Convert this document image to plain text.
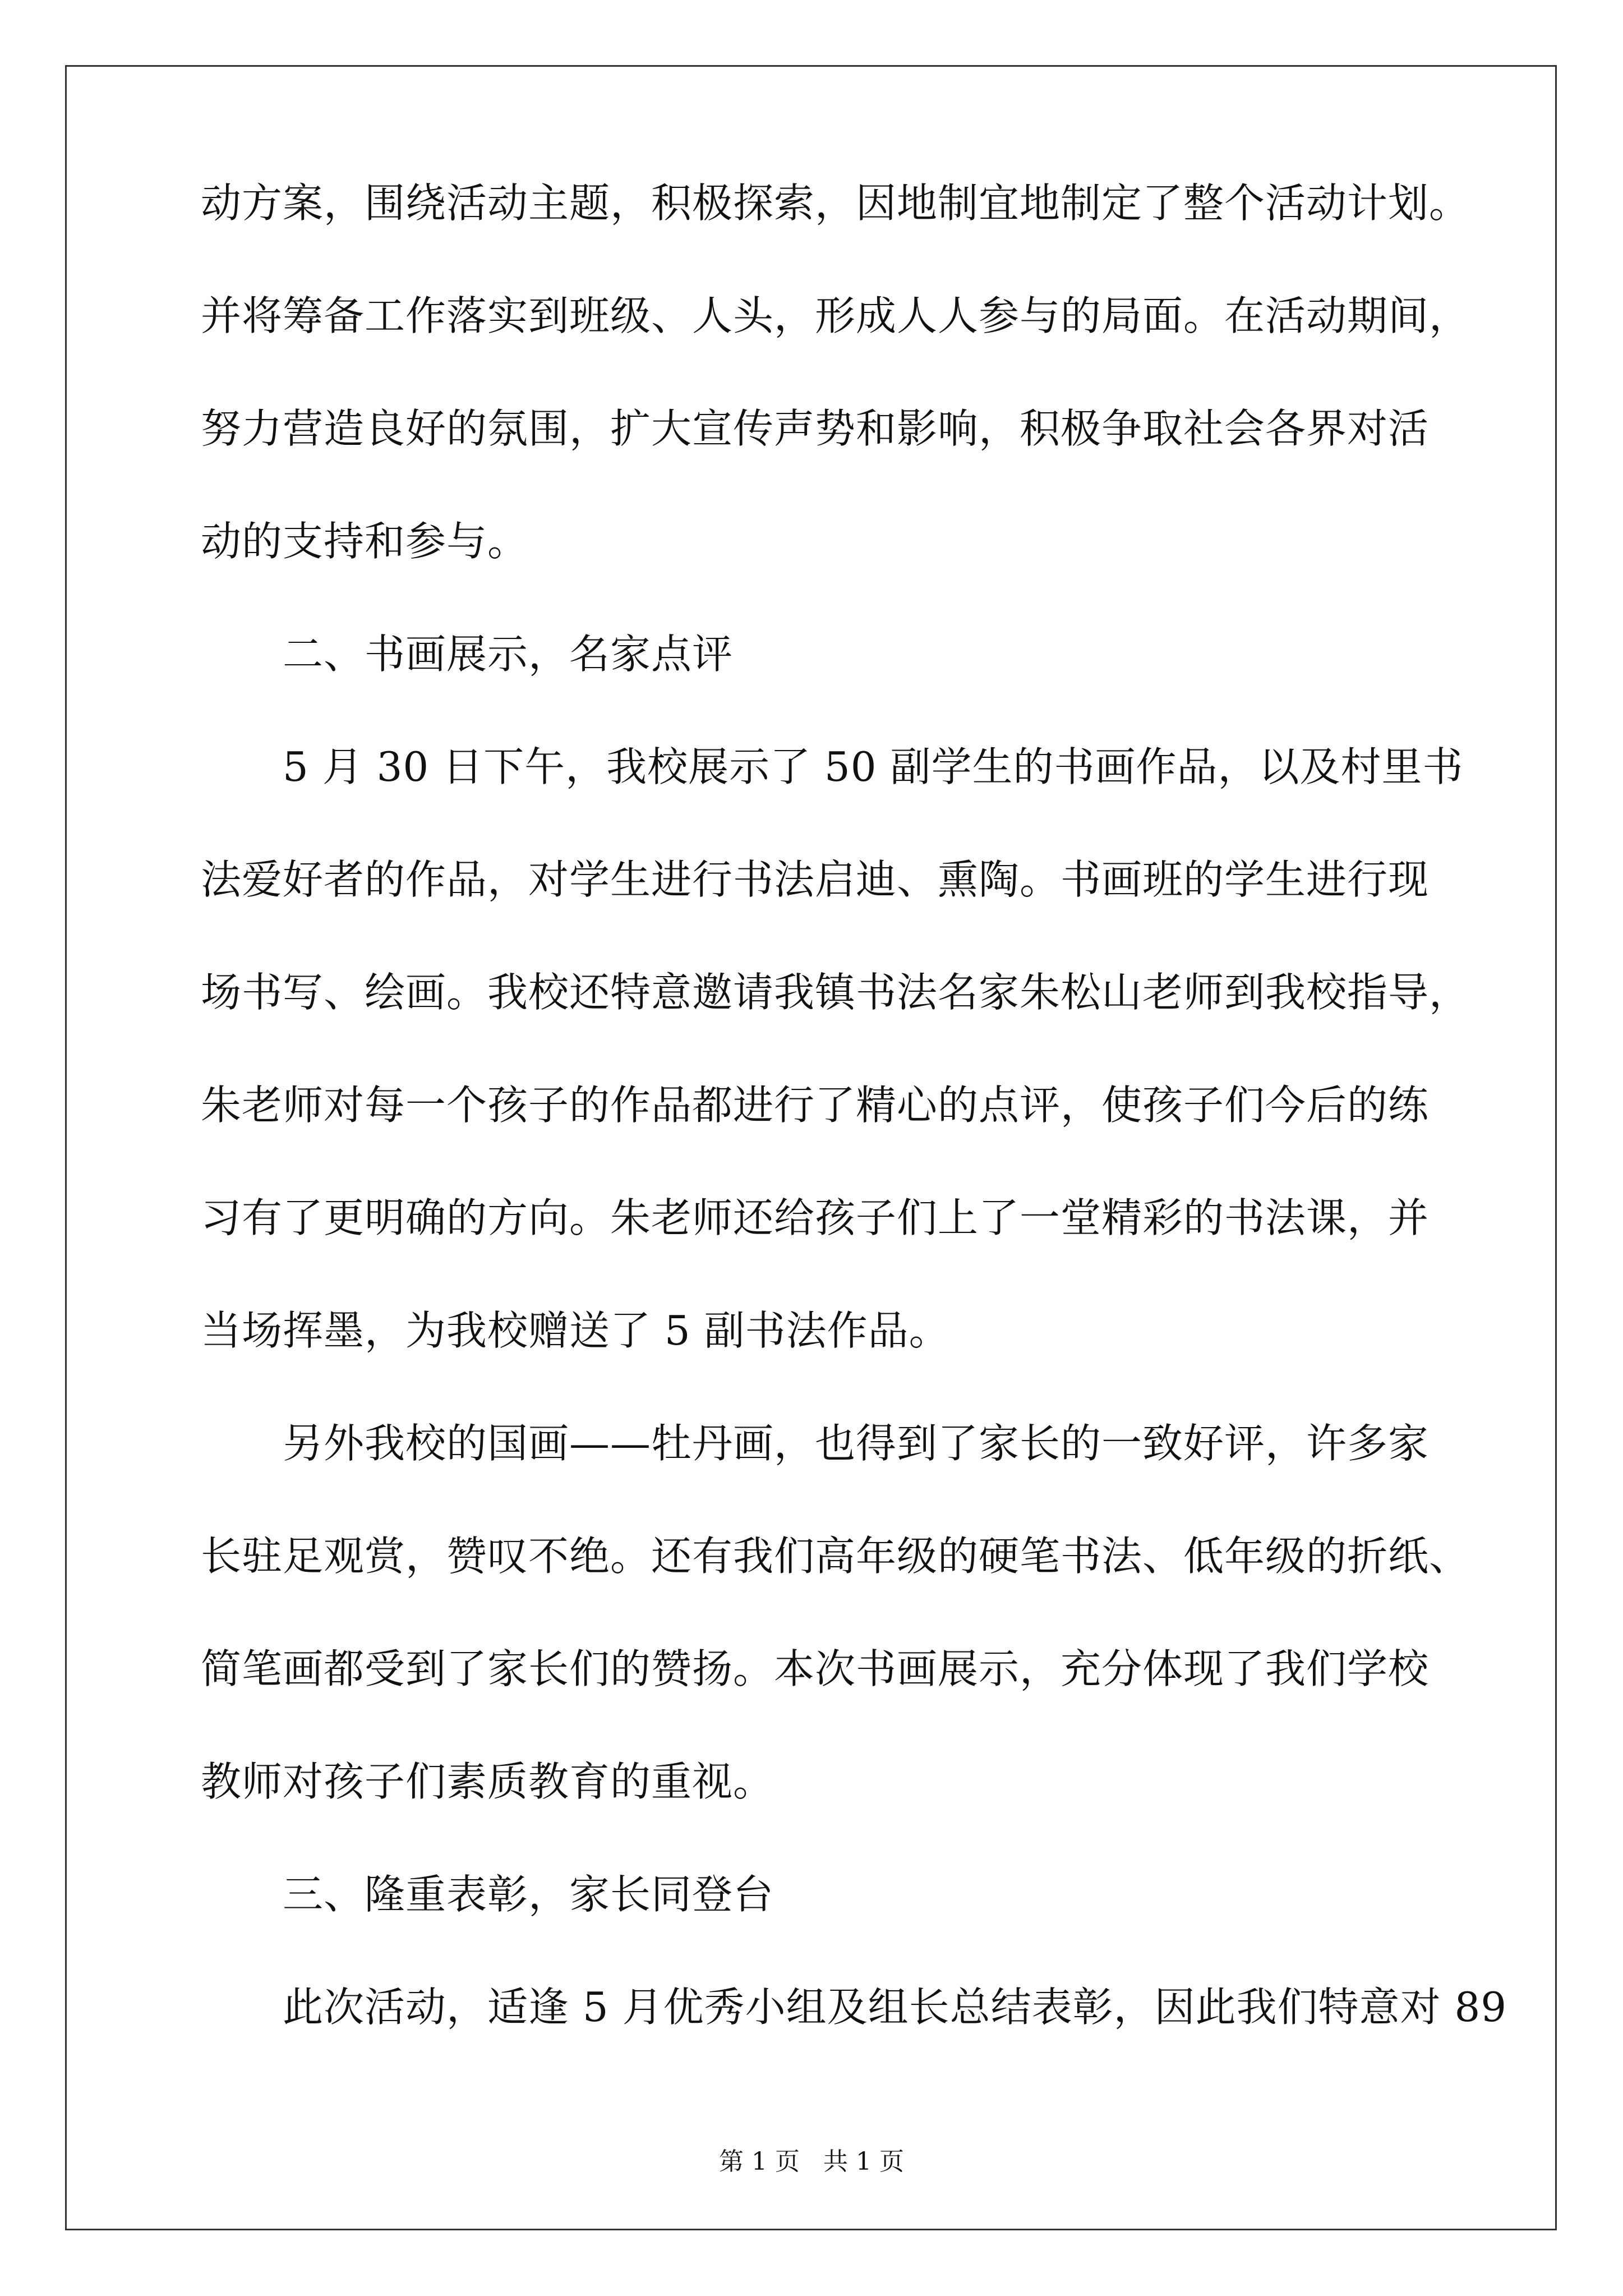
动方案，围绕活动主题，积极探索，因地制宜地制定了整个活动计划。
并将筹备工作落实到班级、人头，形成人人参与的局面。在活动期间，
努力营造良好的氛围，扩大宣传声势和影响，积极争取社会各界对活
动的支持和参与。
二、书画展示，名家点评
5 月 30 日下午，我校展示了 50 副学生的书画作品，以及村里书
法爱好者的作品，对学生进行书法启迪、熏陶。书画班的学生进行现
场书写、绘画。我校还特意邀请我镇书法名家朱松山老师到我校指导，
朱老师对每一个孩子的作品都进行了精心的点评，使孩子们今后的练
习有了更明确的方向。朱老师还给孩子们上了一堂精彩的书法课，并
当场挥墨，为我校赠送了 5 副书法作品。
另外我校的国画——牡丹画，也得到了家长的一致好评，许多家
长驻足观赏，赞叹不绝。还有我们高年级的硬笔书法、低年级的折纸、
简笔画都受到了家长们的赞扬。本次书画展示，充分体现了我们学校
教师对孩子们素质教育的重视。
三、隆重表彰，家长同登台
此次活动，适逢 5 月优秀小组及组长总结表彰，因此我们特意对 89
第 1 页   共 1 页
